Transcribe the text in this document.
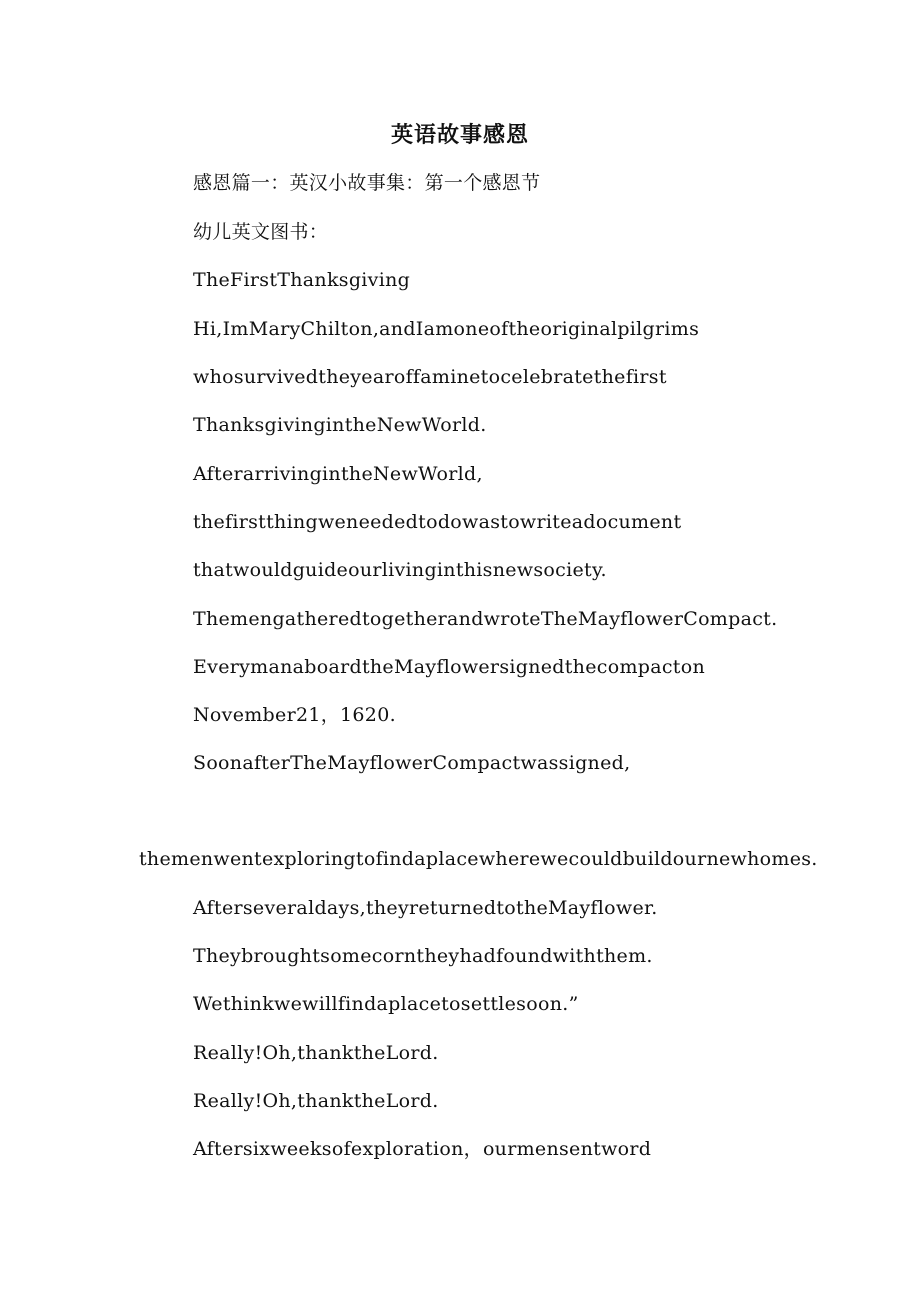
英语故事感恩
感恩篇一：英汉小故事集：第一个感恩节
幼儿英文图书：
TheFirstThanksgiving
Hi,ImMaryChilton,andIamoneoftheoriginalpilgrims
whosurvivedtheyearoffaminetocelebratethefirst
ThanksgivingintheNewWorld.
AfterarrivingintheNewWorld,
thefirstthingweneededtodowastowriteadocument
thatwouldguideourlivinginthisnewsociety.
ThemengatheredtogetherandwroteTheMayflowerCompact.
EverymanaboardtheMayflowersignedthecompacton
November21，1620.
SoonafterTheMayflowerCompactwassigned,
themenwentexploringtofindaplacewherewecouldbuildournewhomes.
Afterseveraldays,theyreturnedtotheMayflower.
Theybroughtsomecorntheyhadfoundwiththem.
Wethinkwewillfindaplacetosettlesoon.”
Really!Oh,thanktheLord.
Really!Oh,thanktheLord.
Aftersixweeksofexploration，ourmensentword
